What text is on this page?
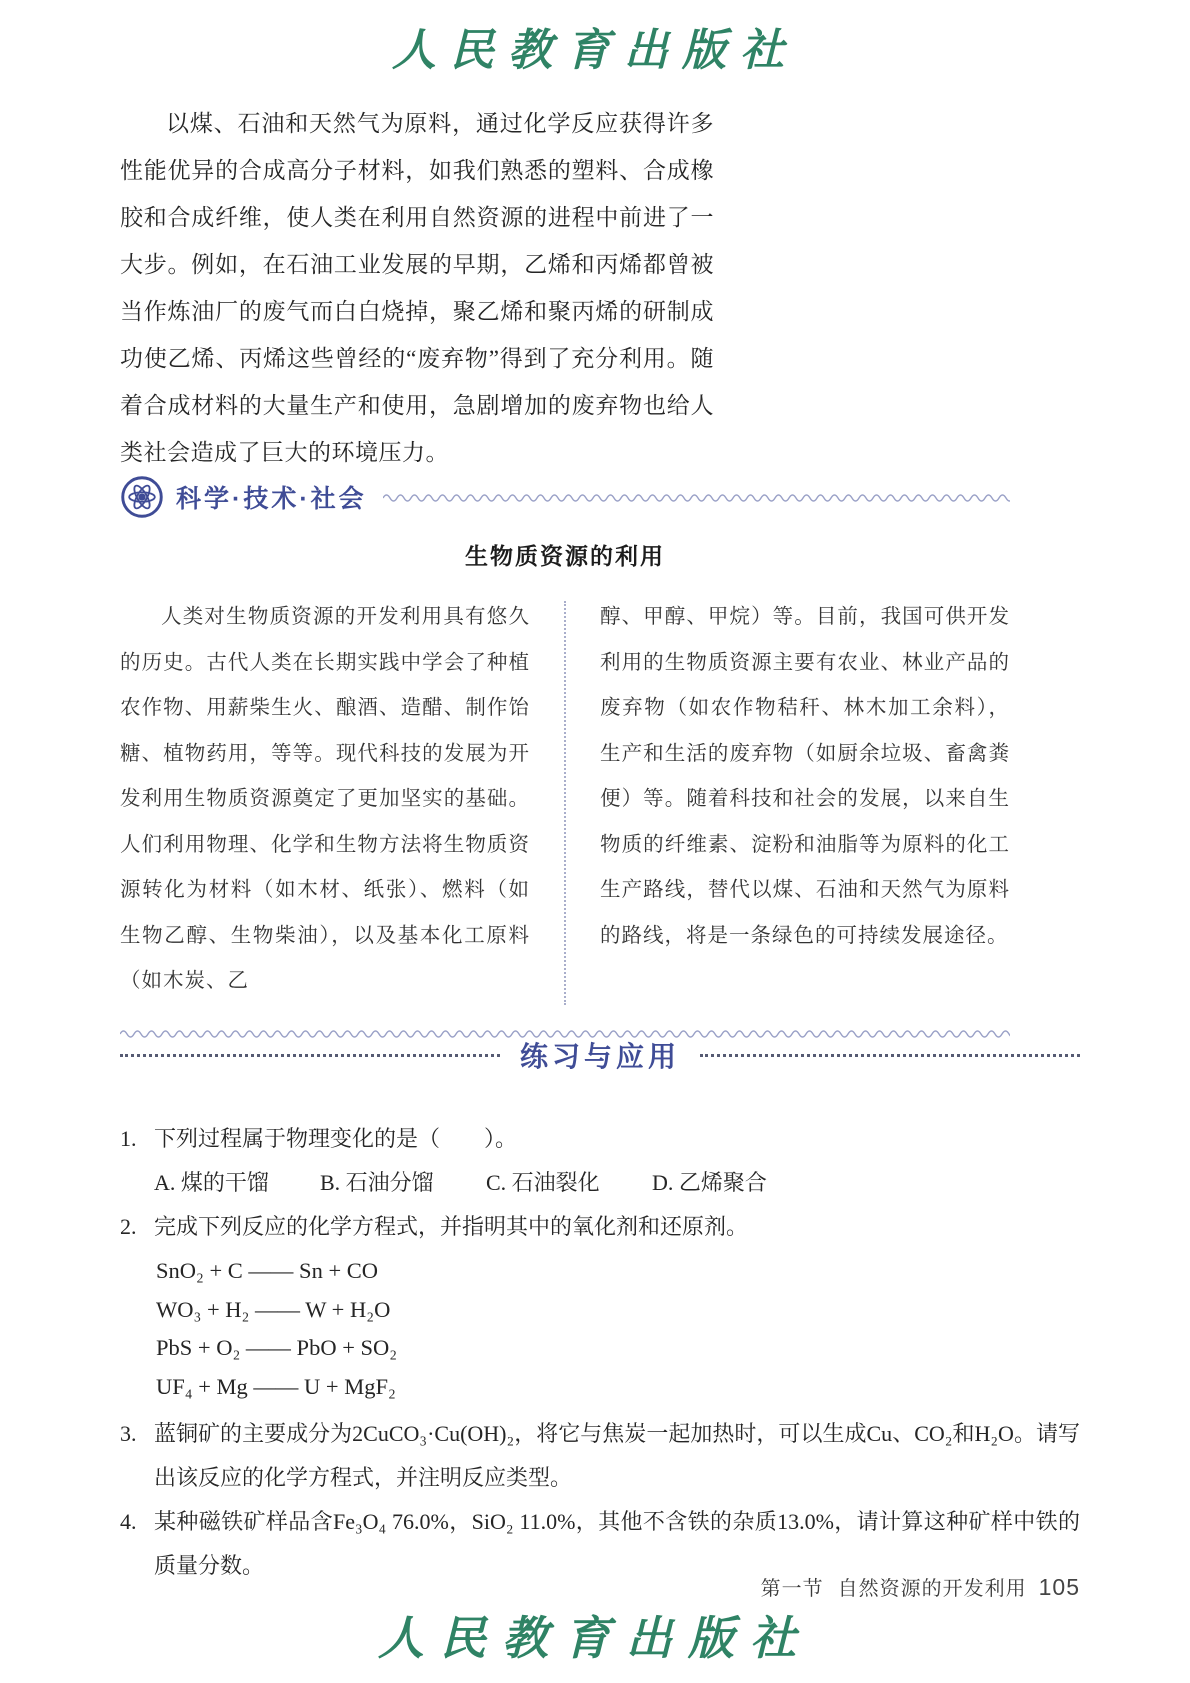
人民教育出版社

以煤、石油和天然气为原料，通过化学反应获得许多性能优异的合成高分子材料，如我们熟悉的塑料、合成橡胶和合成纤维，使人类在利用自然资源的进程中前进了一大步。例如，在石油工业发展的早期，乙烯和丙烯都曾被当作炼油厂的废气而白白烧掉，聚乙烯和聚丙烯的研制成功使乙烯、丙烯这些曾经的“废弃物”得到了充分利用。随着合成材料的大量生产和使用，急剧增加的废弃物也给人类社会造成了巨大的环境压力。

科学·技术·社会
生物质资源的利用

人类对生物质资源的开发利用具有悠久的历史。古代人类在长期实践中学会了种植农作物、用薪柴生火、酿酒、造醋、制作饴糖、植物药用，等等。现代科技的发展为开发利用生物质资源奠定了更加坚实的基础。人们利用物理、化学和生物方法将生物质资源转化为材料（如木材、纸张）、燃料（如生物乙醇、生物柴油），以及基本化工原料（如木炭、乙

醇、甲醇、甲烷）等。目前，我国可供开发利用的生物质资源主要有农业、林业产品的废弃物（如农作物秸秆、林木加工余料），生产和生活的废弃物（如厨余垃圾、畜禽粪便）等。随着科技和社会的发展，以来自生物质的纤维素、淀粉和油脂等为原料的化工生产路线，替代以煤、石油和天然气为原料的路线，将是一条绿色的可持续发展途径。

练习与应用
1. 下列过程属于物理变化的是（　　）。

A. 煤的干馏	B. 石油分馏	C. 石油裂化	D. 乙烯聚合
2. 完成下列反应的化学方程式，并指明其中的氧化剂和还原剂。

SnO₂ + C —— Sn + CO
WO₃ + H₂ —— W + H₂O
PbS + O₂ —— PbO + SO₂
UF₄ + Mg —— U + MgF₂
3. 蓝铜矿的主要成分为2CuCO₃·Cu(OH)₂，将它与焦炭一起加热时，可以生成Cu、CO₂和H₂O。请写出该反应的化学方程式，并注明反应类型。

4. 某种磁铁矿样品含Fe₃O₄ 76.0%，SiO₂ 11.0%，其他不含铁的杂质13.0%，请计算这种矿样中铁的质量分数。

第一节 自然资源的开发利用 105
人民教育出版社
